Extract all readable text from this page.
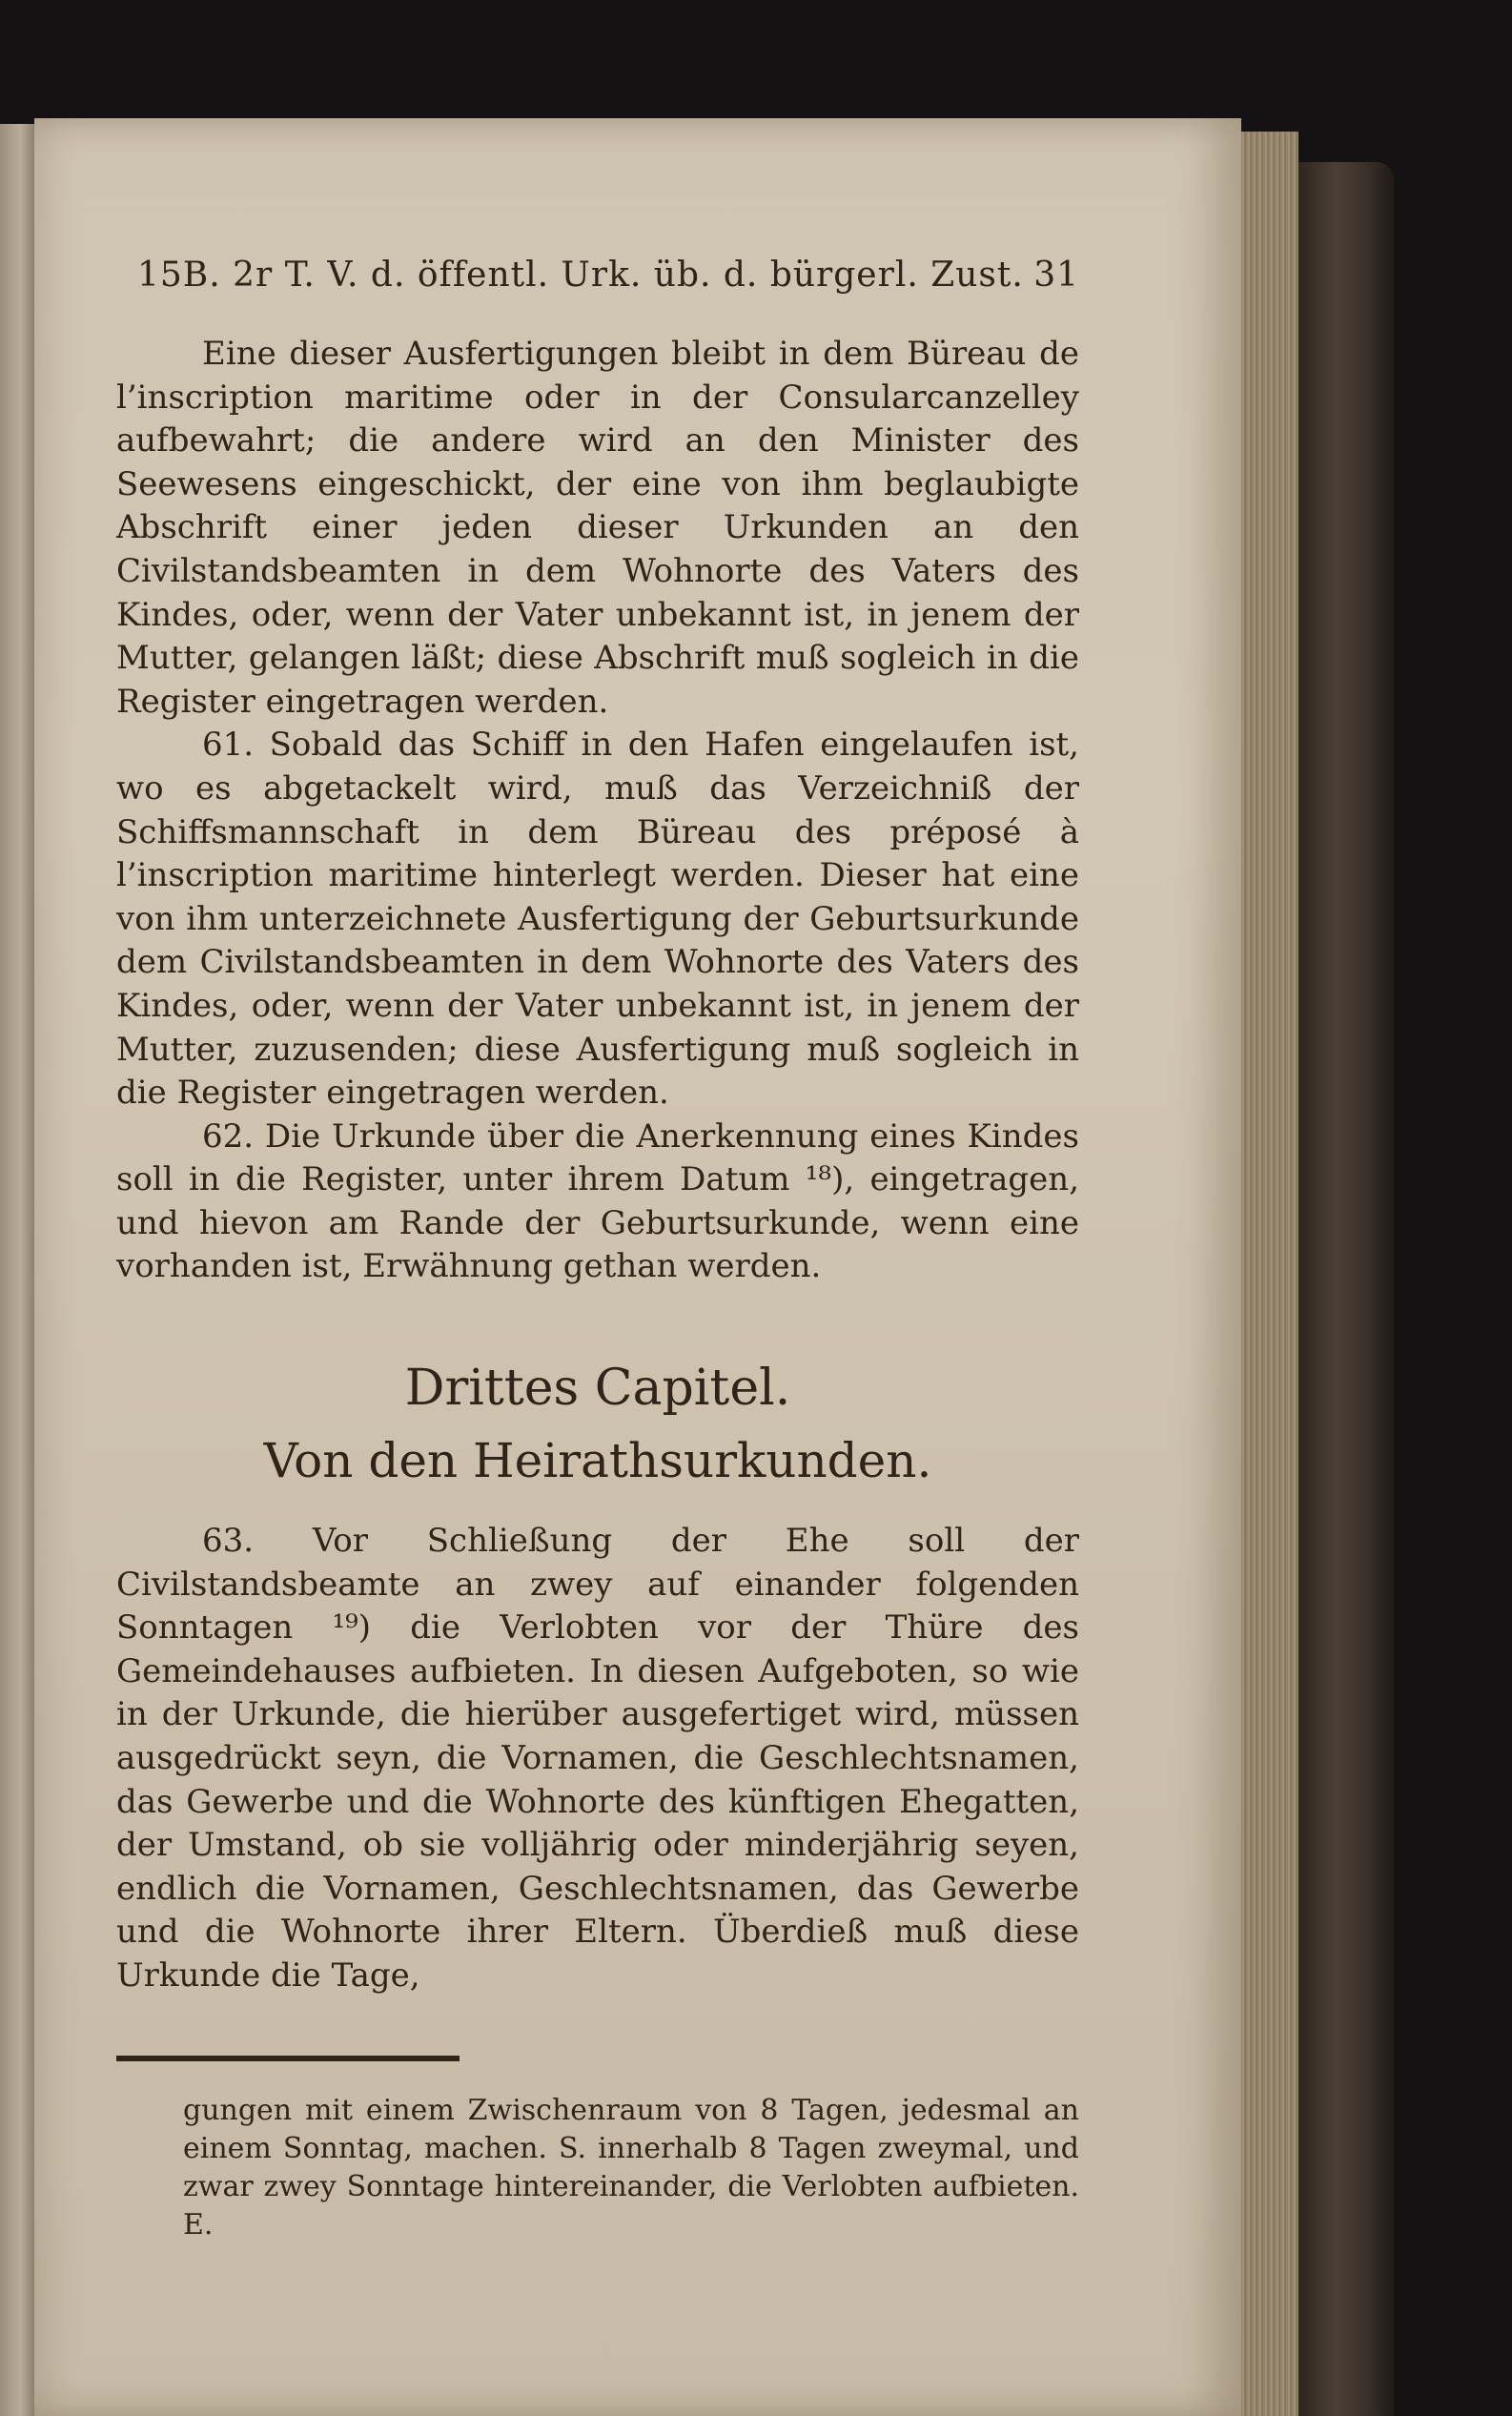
15B. 2r T. V. d. öffentl. Urk. üb. d. bürgerl. Zust. 31

Eine dieser Ausfertigungen bleibt in dem Büreau de l’inscription maritime oder in der Consularcanzelley aufbewahrt; die andere wird an den Minister des Seewesens eingeschickt, der eine von ihm beglaubigte Abschrift einer jeden dieser Urkunden an den Civilstandsbeamten in dem Wohnorte des Vaters des Kindes, oder, wenn der Vater unbekannt ist, in jenem der Mutter, gelangen läßt; diese Abschrift muß sogleich in die Register eingetragen werden.

61. Sobald das Schiff in den Hafen eingelaufen ist, wo es abgetackelt wird, muß das Verzeichniß der Schiffsmannschaft in dem Büreau des préposé à l’inscription maritime hinterlegt werden. Dieser hat eine von ihm unterzeichnete Ausfertigung der Geburtsurkunde dem Civilstandsbeamten in dem Wohnorte des Vaters des Kindes, oder, wenn der Vater unbekannt ist, in jenem der Mutter, zuzusenden; diese Ausfertigung muß sogleich in die Register eingetragen werden.

62. Die Urkunde über die Anerkennung eines Kindes soll in die Register, unter ihrem Datum ¹⁸), eingetragen, und hievon am Rande der Geburtsurkunde, wenn eine vorhanden ist, Erwähnung gethan werden.

Drittes Capitel.
Von den Heirathsurkunden.

63. Vor Schließung der Ehe soll der Civilstandsbeamte an zwey auf einander folgenden Sonntagen ¹⁹) die Verlobten vor der Thüre des Gemeindehauses aufbieten. In diesen Aufgeboten, so wie in der Urkunde, die hierüber ausgefertiget wird, müssen ausgedrückt seyn, die Vornamen, die Geschlechtsnamen, das Gewerbe und die Wohnorte des künftigen Ehegatten, der Umstand, ob sie volljährig oder minderjährig seyen, endlich die Vornamen, Geschlechtsnamen, das Gewerbe und die Wohnorte ihrer Eltern. Überdieß muß diese Urkunde die Tage,

gungen mit einem Zwischenraum von 8 Tagen, jedesmal an einem Sonntag, machen. S. innerhalb 8 Tagen zweymal, und zwar zwey Sonntage hintereinander, die Verlobten aufbieten. E.
